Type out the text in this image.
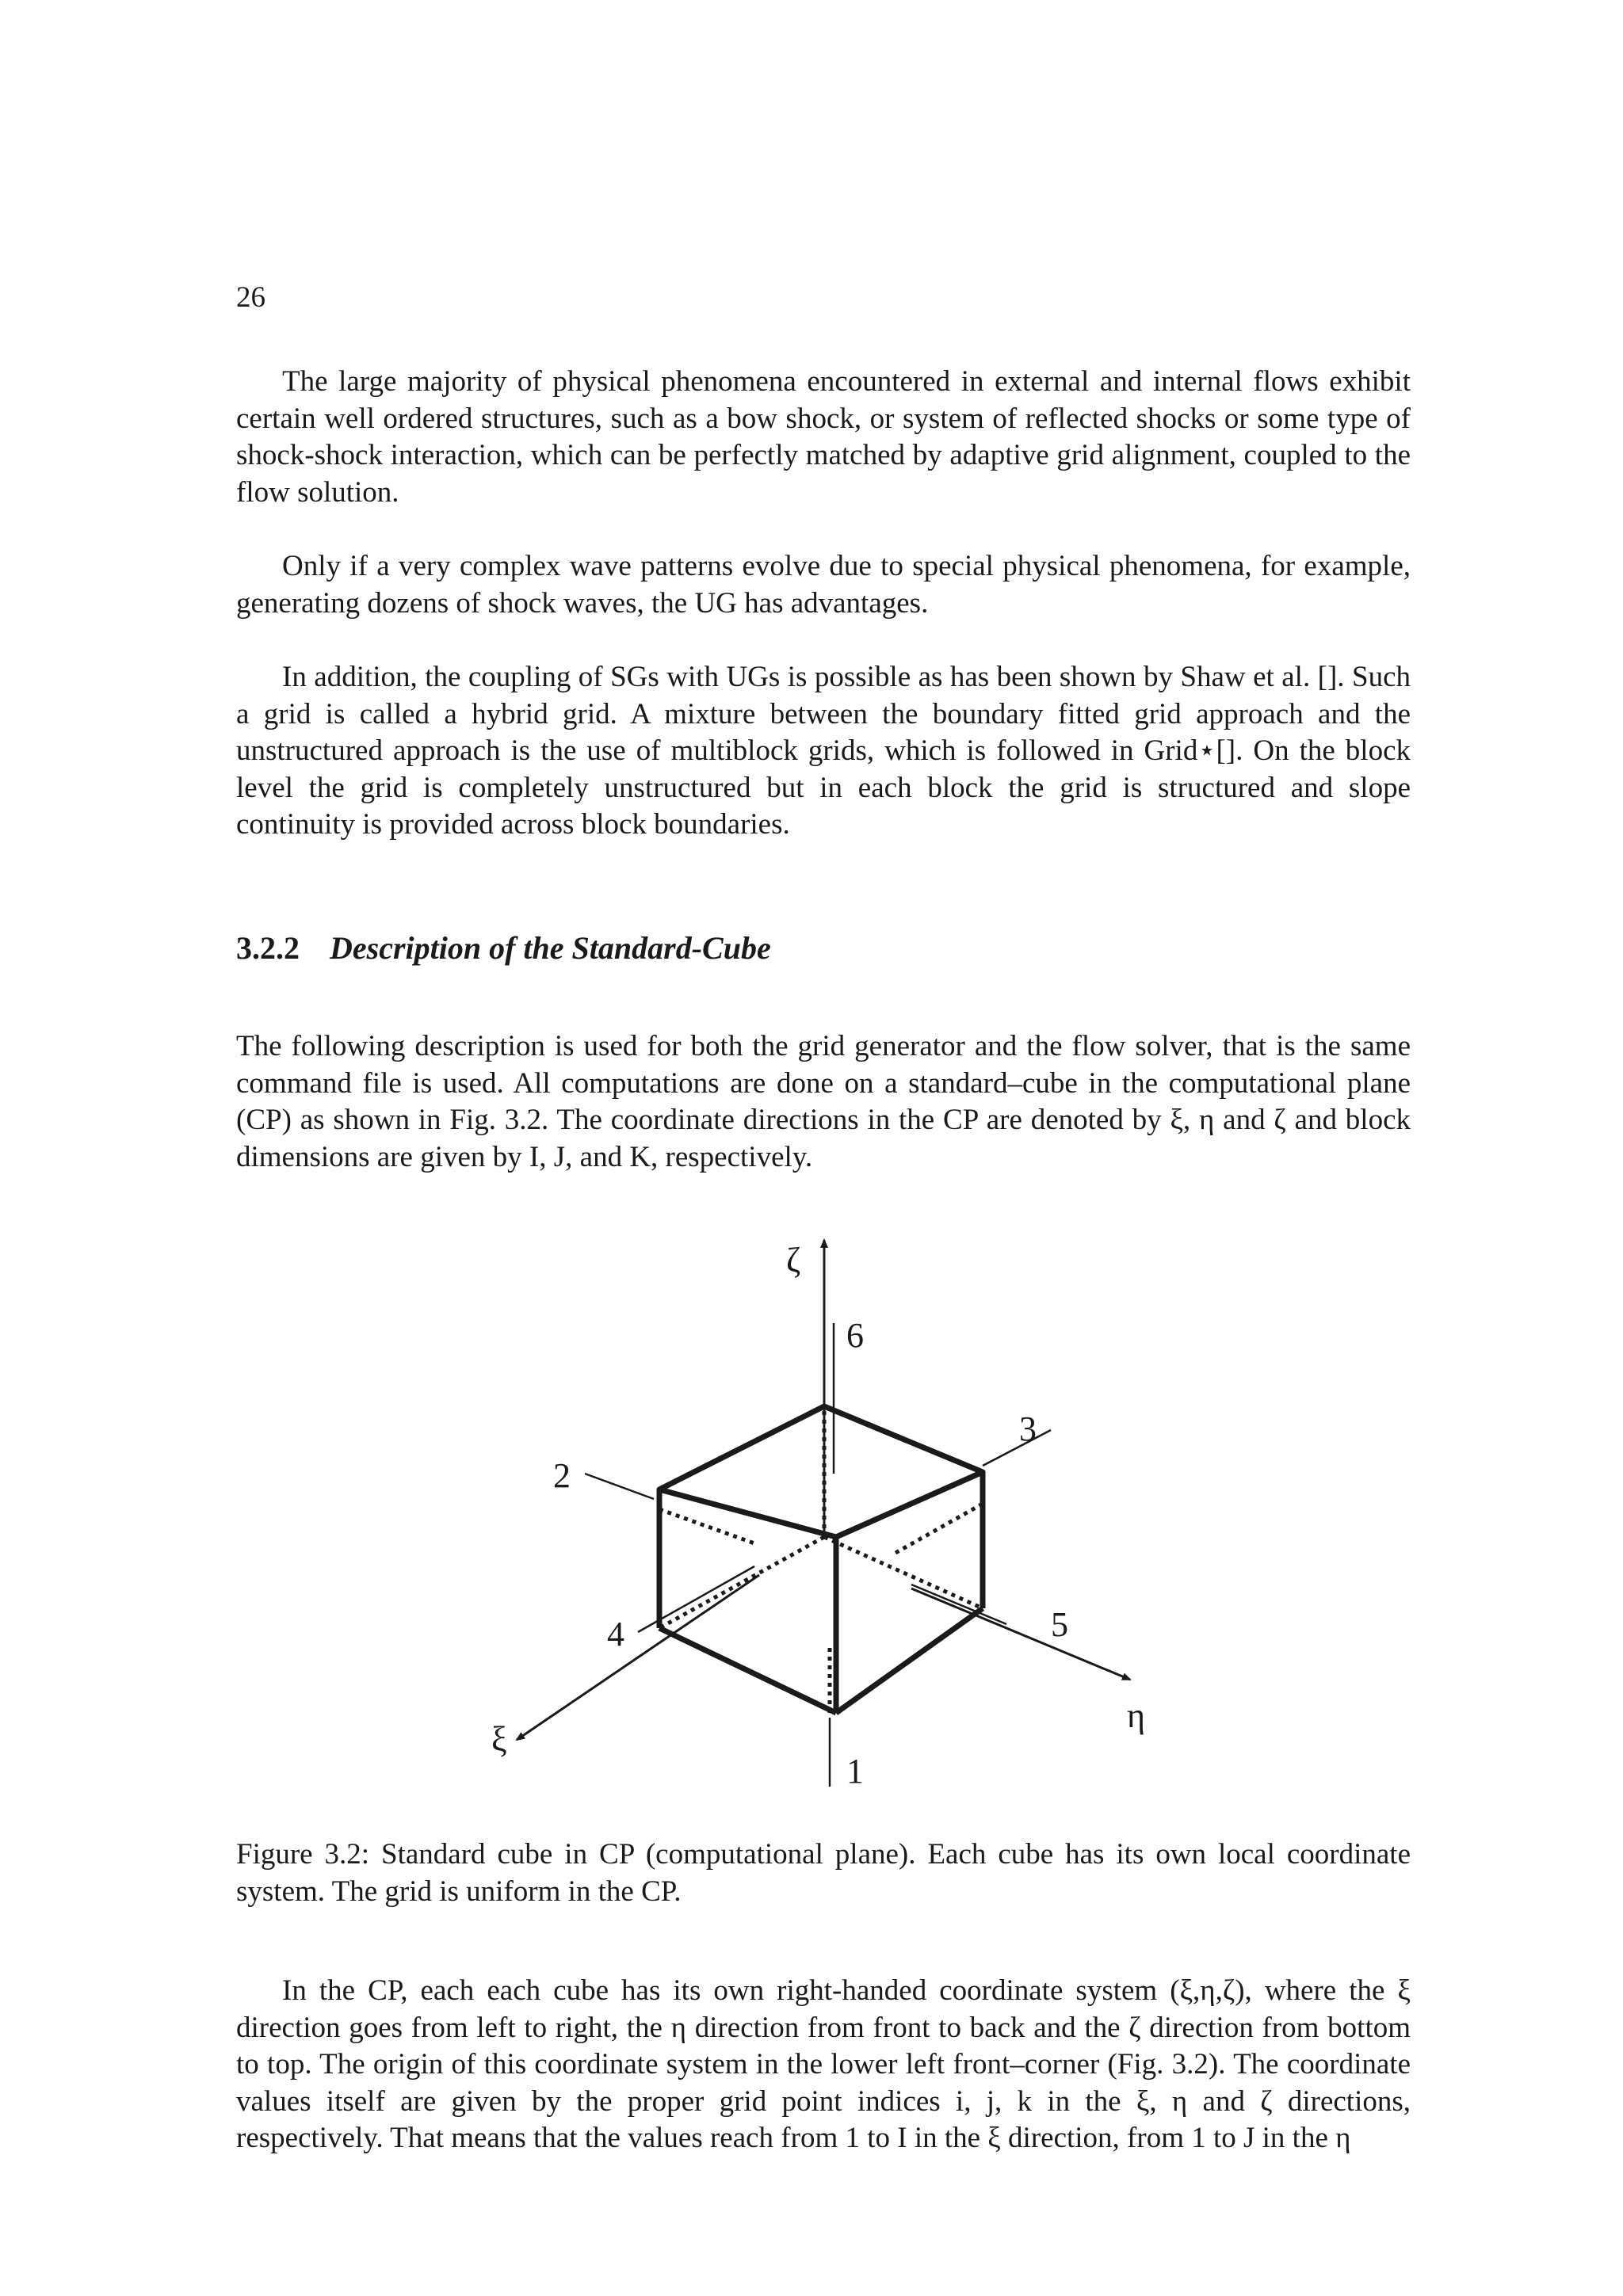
26

The large majority of physical phenomena encountered in external and internal flows exhibit certain well ordered structures, such as a bow shock, or system of reflected shocks or some type of shock-shock interaction, which can be perfectly matched by adaptive grid alignment, coupled to the flow solution.

Only if a very complex wave patterns evolve due to special physical phenomena, for example, generating dozens of shock waves, the UG has advantages.

In addition, the coupling of SGs with UGs is possible as has been shown by Shaw et al. []. Such a grid is called a hybrid grid. A mixture between the boundary fitted grid approach and the unstructured approach is the use of multiblock grids, which is followed in Grid⋆[]. On the block level the grid is completely unstructured but in each block the grid is structured and slope continuity is provided across block boundaries.

3.2.2 Description of the Standard-Cube

The following description is used for both the grid generator and the flow solver, that is the same command file is used. All computations are done on a standard–cube in the computational plane (CP) as shown in Fig. 3.2. The coordinate directions in the CP are denoted by ξ, η and ζ and block dimensions are given by I, J, and K, respectively.

ζ
η
ξ
6
2
3
4	5
1

Figure 3.2: Standard cube in CP (computational plane). Each cube has its own local coordinate system. The grid is uniform in the CP.

In the CP, each each cube has its own right-handed coordinate system (ξ,η,ζ), where the ξ direction goes from left to right, the η direction from front to back and the ζ direction from bottom to top. The origin of this coordinate system in the lower left front–corner (Fig. 3.2). The coordinate values itself are given by the proper grid point indices i, j, k in the ξ, η and ζ directions, respectively. That means that the values reach from 1 to I in the ξ direction, from 1 to J in the η
